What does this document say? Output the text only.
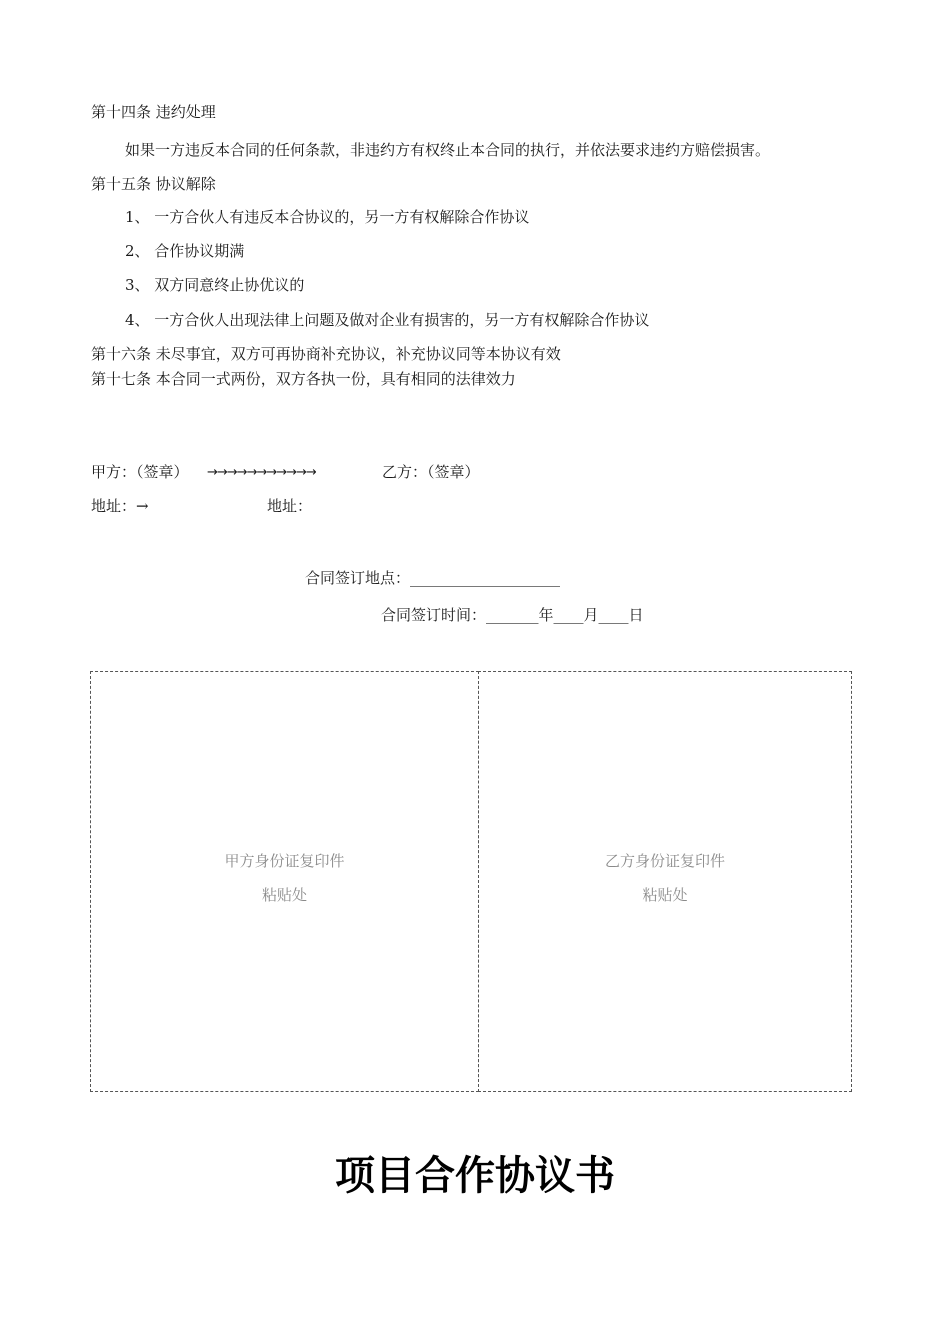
第十四条 违约处理
如果一方违反本合同的任何条款，非违约方有权终止本合同的执行，并依法要求违约方赔偿损害。
第十五条 协议解除
1、 一方合伙人有违反本合协议的，另一方有权解除合作协议
2、 合作协议期满
3、 双方同意终止协优议的
4、 一方合伙人出现法律上问题及做对企业有损害的，另一方有权解除合作协议
第十六条 未尽事宜，双方可再协商补充协议，补充协议同等本协议有效
第十七条 本合同一式两份，双方各执一份，具有相同的法律效力
甲方：（签章） →→→→→→→→→→→	乙方：（签章）
地址：→	地址：
合同签订地点：____________________
合同签订时间：_______年____月____日
甲方身份证复印件
粘贴处
乙方身份证复印件
粘贴处
项目合作协议书
